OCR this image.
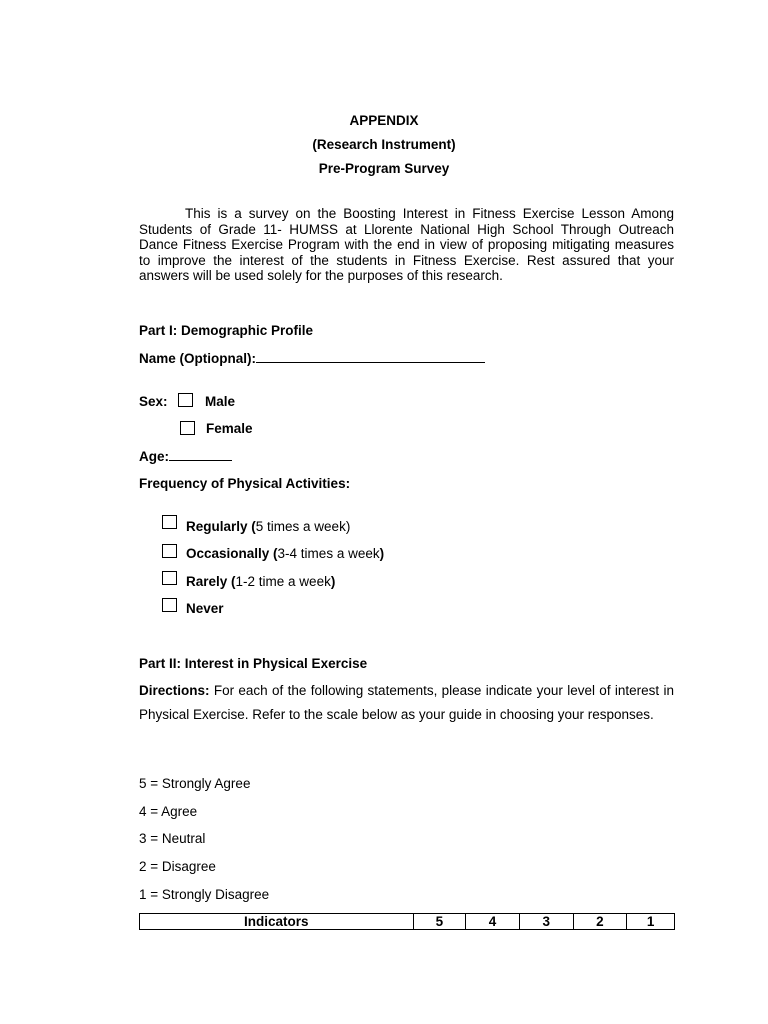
APPENDIX
(Research Instrument)
Pre-Program Survey
This is a survey on the Boosting Interest in Fitness Exercise Lesson Among Students of Grade 11- HUMSS at Llorente National High School Through Outreach Dance Fitness Exercise Program with the end in view of proposing mitigating measures to improve the interest of the students in Fitness Exercise. Rest assured that your answers will be used solely for the purposes of this research.
Part I: Demographic Profile
Name (Optiopnal):
Sex:	Male
Female
Age:
Frequency of Physical Activities:
Regularly (5 times a week)
Occasionally (3-4 times a week)
Rarely (1-2 time a week)
Never
Part II: Interest in Physical Exercise
Directions: For each of the following statements, please indicate your level of interest in Physical Exercise. Refer to the scale below as your guide in choosing your responses.
5 = Strongly Agree
4 = Agree
3 = Neutral
2 = Disagree
1 = Strongly Disagree
Indicators	5	4	3	2	1
